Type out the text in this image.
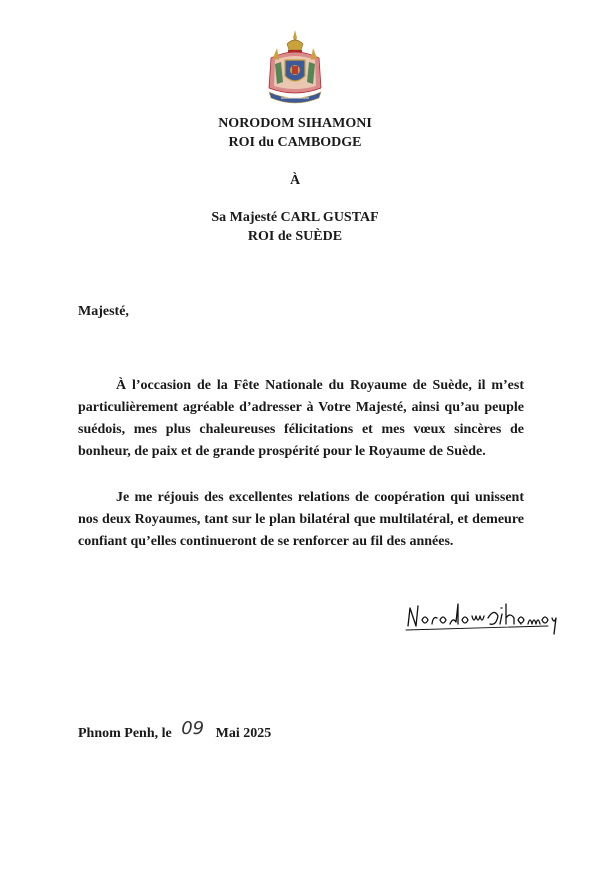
NORODOM SIHAMONI
ROI du CAMBODGE
À
Sa Majesté CARL GUSTAF
ROI de SUÈDE
Majesté,

À l’occasion de la Fête Nationale du Royaume de Suède, il m’est particulièrement agréable d’adresser à Votre Majesté, ainsi qu’au peuple suédois, mes plus chaleureuses félicitations et mes vœux sincères de bonheur, de paix et de grande prospérité pour le Royaume de Suède.

Je me réjouis des excellentes relations de coopération qui unissent nos deux Royaumes, tant sur le plan bilatéral que multilatéral, et demeure confiant qu’elles continueront de se renforcer au fil des années.

Phnom Penh, le 09 Mai 2025
